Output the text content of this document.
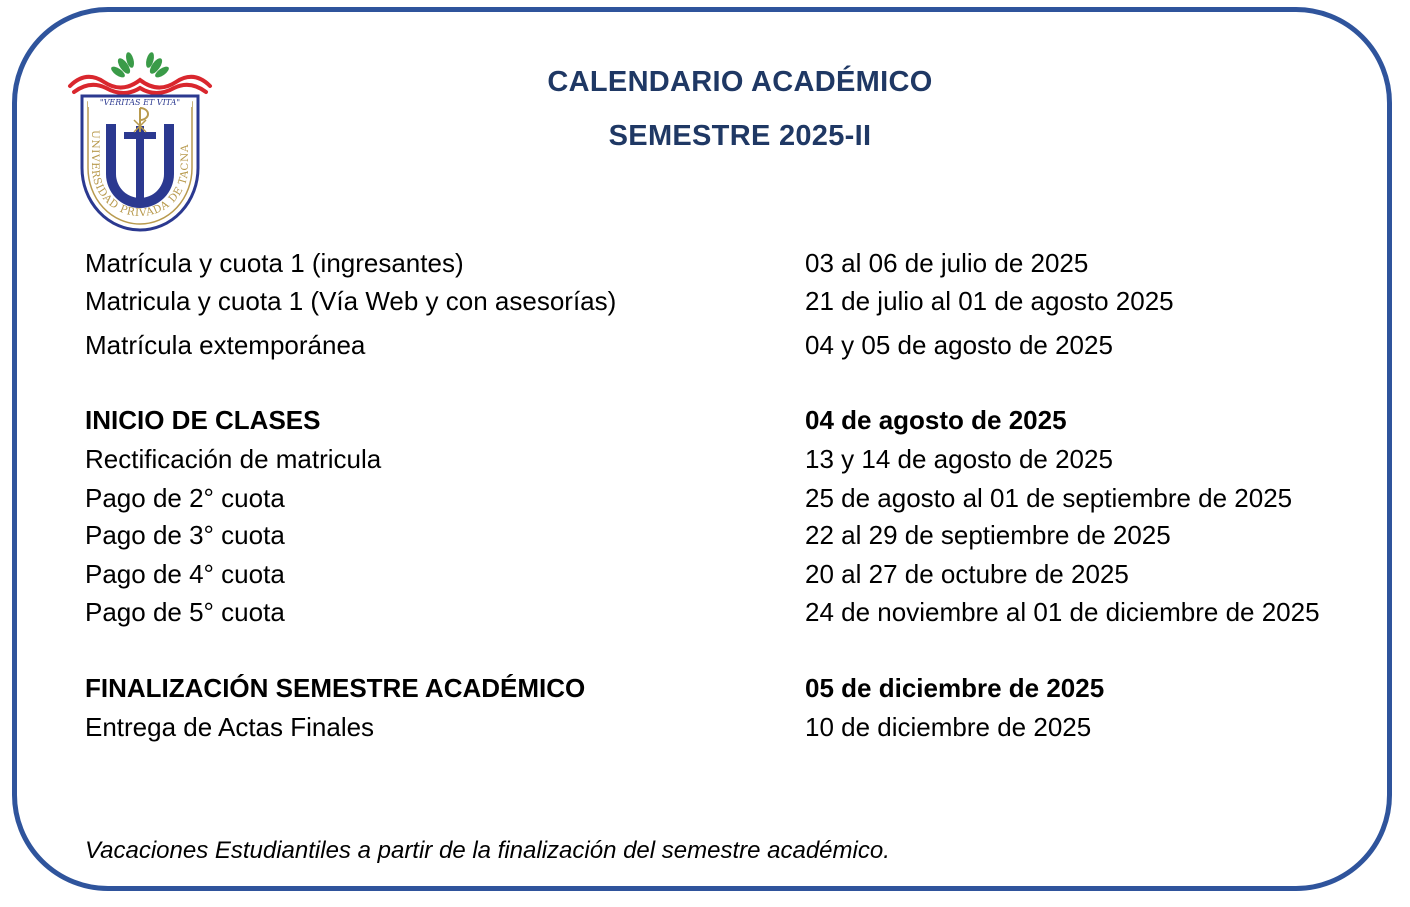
UNIVERSIDAD PRIVADA DE TACNA
"VERITAS ET VITA"
CALENDARIO ACADÉMICO
SEMESTRE 2025-II
Matrícula y cuota 1 (ingresantes)	03 al 06 de julio de 2025
Matricula y cuota 1 (Vía Web y con asesorías)	21 de julio al 01 de agosto 2025
Matrícula extemporánea	04 y 05 de agosto de 2025
INICIO DE CLASES	04 de agosto de 2025
Rectificación de matricula	13 y 14 de agosto de 2025
Pago de 2° cuota	25 de agosto al 01 de septiembre de 2025
Pago de 3° cuota	22 al 29 de septiembre de 2025
Pago de 4° cuota	20 al 27 de octubre de 2025
Pago de 5° cuota	24 de noviembre al 01 de diciembre de 2025
FINALIZACIÓN SEMESTRE ACADÉMICO	05 de diciembre de 2025
Entrega de Actas Finales	10 de diciembre de 2025
Vacaciones Estudiantiles a partir de la finalización del semestre académico.
